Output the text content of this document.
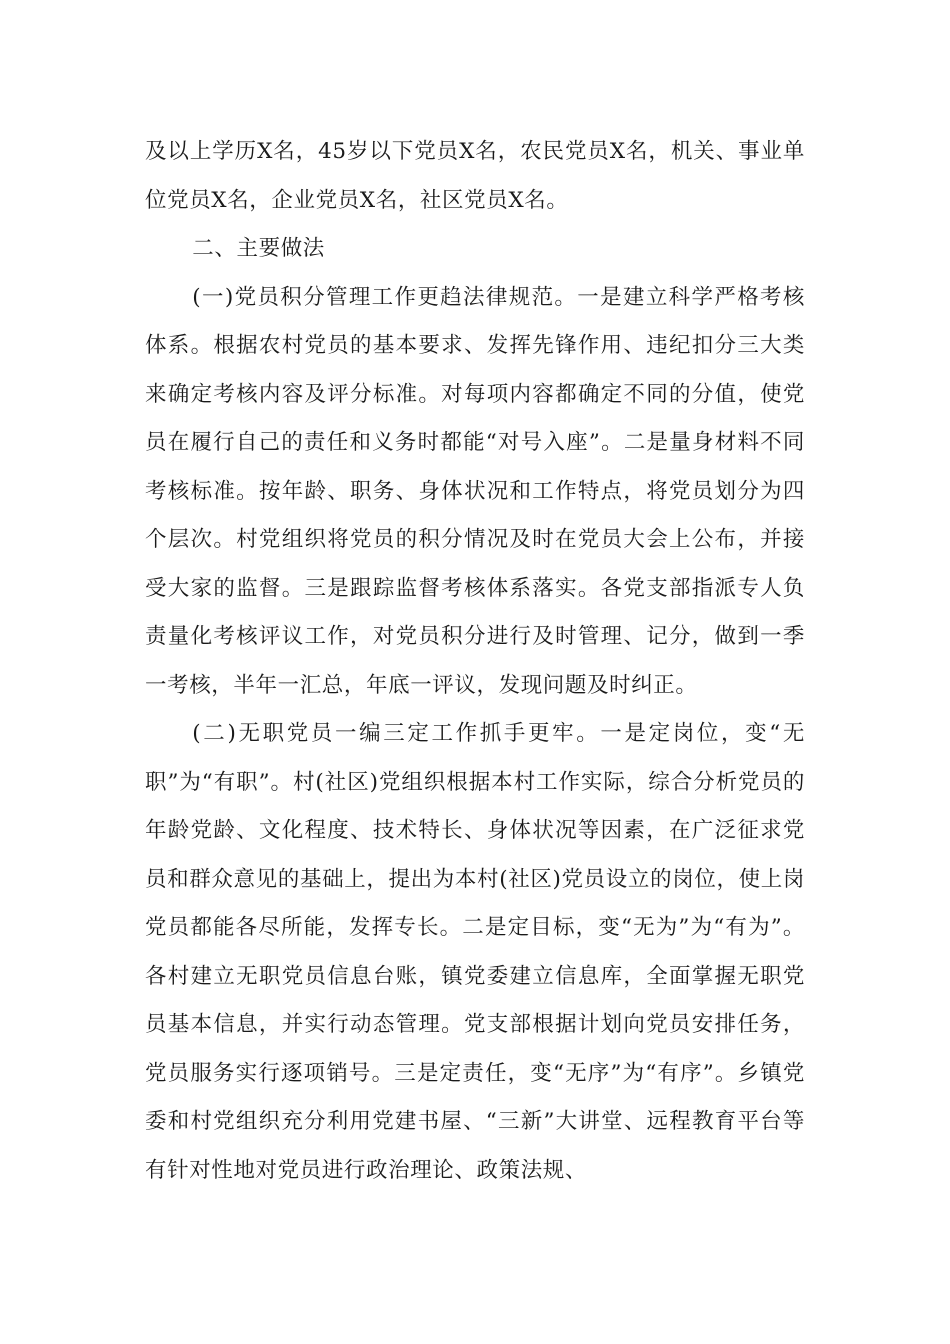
及以上学历X名，45岁以下党员X名，农民党员X名，机关、事业单位党员X名，企业党员X名，社区党员X名。

二、主要做法

(一)党员积分管理工作更趋法律规范。一是建立科学严格考核体系。根据农村党员的基本要求、发挥先锋作用、违纪扣分三大类来确定考核内容及评分标准。对每项内容都确定不同的分值，使党员在履行自己的责任和义务时都能“对号入座”。二是量身材料不同考核标准。按年龄、职务、身体状况和工作特点，将党员划分为四个层次。村党组织将党员的积分情况及时在党员大会上公布，并接受大家的监督。三是跟踪监督考核体系落实。各党支部指派专人负责量化考核评议工作，对党员积分进行及时管理、记分，做到一季一考核，半年一汇总，年底一评议，发现问题及时纠正。

(二)无职党员一编三定工作抓手更牢。一是定岗位，变“无职”为“有职”。村(社区)党组织根据本村工作实际，综合分析党员的年龄党龄、文化程度、技术特长、身体状况等因素，在广泛征求党员和群众意见的基础上，提出为本村(社区)党员设立的岗位，使上岗党员都能各尽所能，发挥专长。二是定目标，变“无为”为“有为”。各村建立无职党员信息台账，镇党委建立信息库，全面掌握无职党员基本信息，并实行动态管理。党支部根据计划向党员安排任务，党员服务实行逐项销号。三是定责任，变“无序”为“有序”。乡镇党委和村党组织充分利用党建书屋、“三新”大讲堂、远程教育平台等有针对性地对党员进行政治理论、政策法规、
